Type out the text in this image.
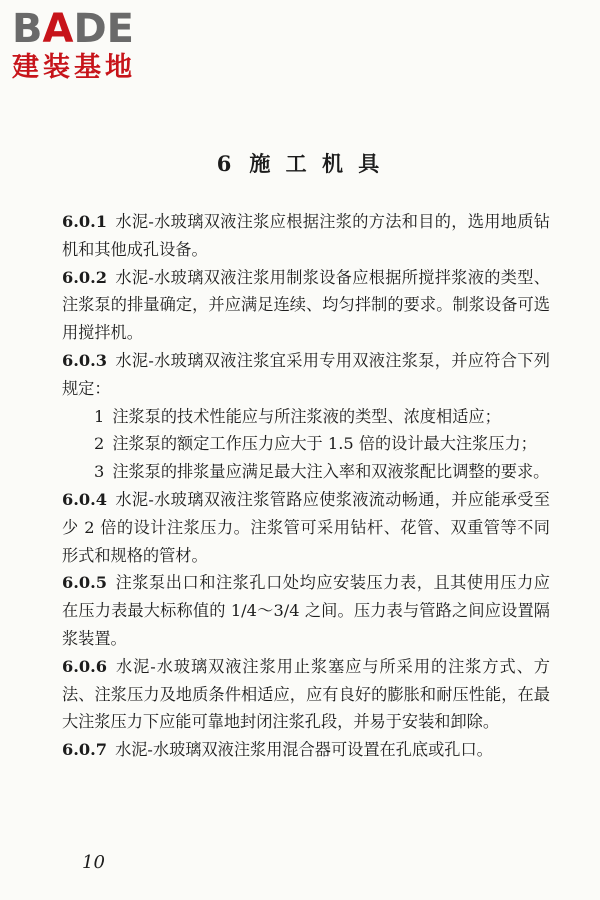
BADE
建装基地
6 施 工 机 具

6.0.1 水泥-水玻璃双液注浆应根据注浆的方法和目的，选用地质钻机和其他成孔设备。

6.0.2 水泥-水玻璃双液注浆用制浆设备应根据所搅拌浆液的类型、注浆泵的排量确定，并应满足连续、均匀拌制的要求。制浆设备可选用搅拌机。

6.0.3 水泥-水玻璃双液注浆宜采用专用双液注浆泵，并应符合下列规定：

1 注浆泵的技术性能应与所注浆液的类型、浓度相适应；

2 注浆泵的额定工作压力应大于 1.5 倍的设计最大注浆压力；

3 注浆泵的排浆量应满足最大注入率和双液浆配比调整的要求。

6.0.4 水泥-水玻璃双液注浆管路应使浆液流动畅通，并应能承受至少 2 倍的设计注浆压力。注浆管可采用钻杆、花管、双重管等不同形式和规格的管材。

6.0.5 注浆泵出口和注浆孔口处均应安装压力表，且其使用压力应在压力表最大标称值的 1/4～3/4 之间。压力表与管路之间应设置隔浆装置。

6.0.6 水泥-水玻璃双液注浆用止浆塞应与所采用的注浆方式、方法、注浆压力及地质条件相适应，应有良好的膨胀和耐压性能，在最大注浆压力下应能可靠地封闭注浆孔段，并易于安装和卸除。

6.0.7 水泥-水玻璃双液注浆用混合器可设置在孔底或孔口。

10
